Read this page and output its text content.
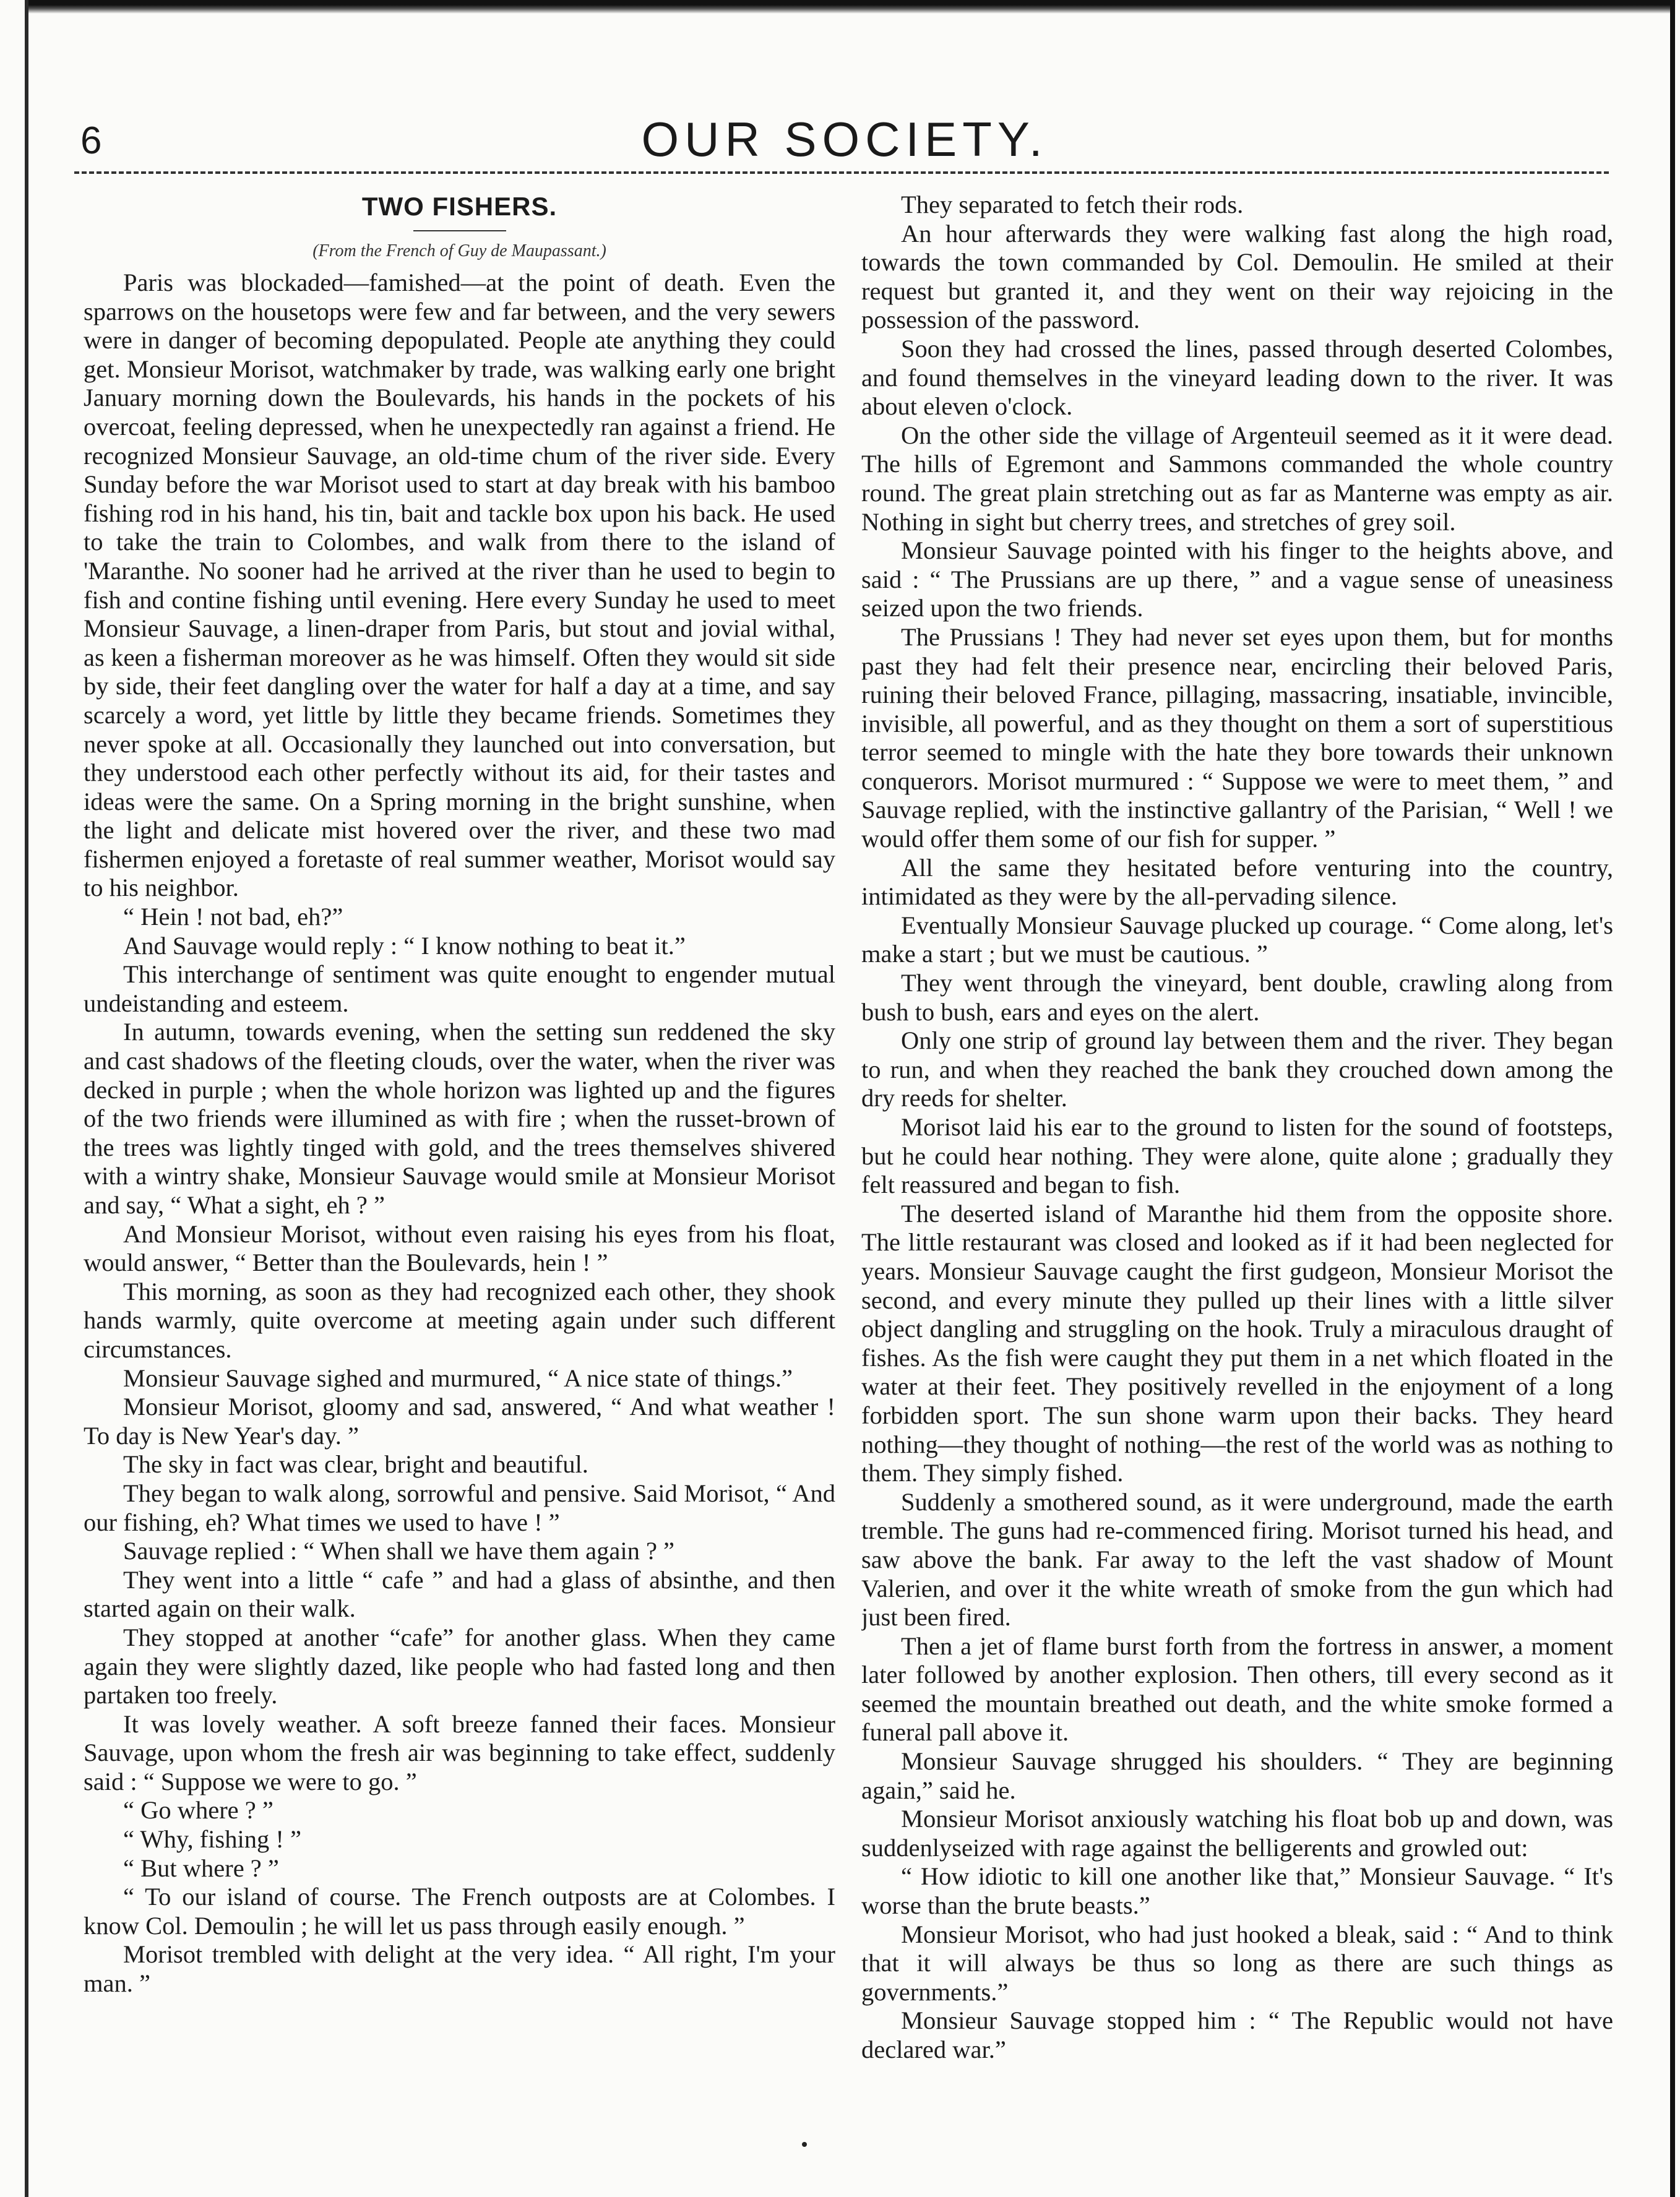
6	OUR SOCIETY.
TWO FISHERS.
(From the French of Guy de Maupassant.)

Paris was blockaded—famished—at the point of death. Even the sparrows on the housetops were few and far between, and the very sewers were in danger of becoming depopulated. People ate anything they could get. Monsieur Morisot, watchmaker by trade, was walking early one bright January morning down the Boulevards, his hands in the pockets of his overcoat, feeling depressed, when he unexpectedly ran against a friend. He recognized Monsieur Sauvage, an old-time chum of the river side. Every Sunday before the war Morisot used to start at day break with his bamboo fishing rod in his hand, his tin, bait and tackle box upon his back. He used to take the train to Colombes, and walk from there to the island of 'Maranthe. No sooner had he arrived at the river than he used to begin to fish and contine fishing until evening. Here every Sunday he used to meet Monsieur Sauvage, a linen-draper from Paris, but stout and jovial withal, as keen a fisherman moreover as he was himself. Often they would sit side by side, their feet dangling over the water for half a day at a time, and say scarcely a word, yet little by little they became friends. Sometimes they never spoke at all. Occasionally they launched out into conversation, but they understood each other perfectly without its aid, for their tastes and ideas were the same. On a Spring morning in the bright sunshine, when the light and delicate mist hovered over the river, and these two mad fishermen enjoyed a foretaste of real summer weather, Morisot would say to his neighbor.

“ Hein ! not bad, eh?”

And Sauvage would reply : “ I know nothing to beat it.”

This interchange of sentiment was quite enought to engender mutual undeistanding and esteem.

In autumn, towards evening, when the setting sun reddened the sky and cast shadows of the fleeting clouds, over the water, when the river was decked in purple ; when the whole horizon was lighted up and the figures of the two friends were illumined as with fire ; when the russet-brown of the trees was lightly tinged with gold, and the trees themselves shivered with a wintry shake, Monsieur Sauvage would smile at Monsieur Morisot and say, “ What a sight, eh ? ”

And Monsieur Morisot, without even raising his eyes from his float, would answer, “ Better than the Boulevards, hein ! ”

This morning, as soon as they had recognized each other, they shook hands warmly, quite overcome at meeting again under such different circumstances.

Monsieur Sauvage sighed and murmured, “ A nice state of things.”

Monsieur Morisot, gloomy and sad, answered, “ And what weather ! To day is New Year's day. ”

The sky in fact was clear, bright and beautiful.

They began to walk along, sorrowful and pensive. Said Morisot, “ And our fishing, eh? What times we used to have ! ”

Sauvage replied : “ When shall we have them again ? ”

They went into a little “ cafe ” and had a glass of absinthe, and then started again on their walk.

They stopped at another “cafe” for another glass. When they came again they were slightly dazed, like people who had fasted long and then partaken too freely.

It was lovely weather. A soft breeze fanned their faces. Monsieur Sauvage, upon whom the fresh air was beginning to take effect, suddenly said : “ Suppose we were to go. ”

“ Go where ? ”

“ Why, fishing ! ”

“ But where ? ”

“ To our island of course. The French outposts are at Colombes. I know Col. Demoulin ; he will let us pass through easily enough. ”

Morisot trembled with delight at the very idea. “ All right, I'm your man. ”

They separated to fetch their rods.

An hour afterwards they were walking fast along the high road, towards the town commanded by Col. Demoulin. He smiled at their request but granted it, and they went on their way rejoicing in the possession of the password.

Soon they had crossed the lines, passed through deserted Colombes, and found themselves in the vineyard leading down to the river. It was about eleven o'clock.

On the other side the village of Argenteuil seemed as it it were dead. The hills of Egremont and Sammons commanded the whole country round. The great plain stretching out as far as Manterne was empty as air. Nothing in sight but cherry trees, and stretches of grey soil.

Monsieur Sauvage pointed with his finger to the heights above, and said : “ The Prussians are up there, ” and a vague sense of uneasiness seized upon the two friends.

The Prussians ! They had never set eyes upon them, but for months past they had felt their presence near, encircling their beloved Paris, ruining their beloved France, pillaging, massacring, insatiable, invincible, invisible, all powerful, and as they thought on them a sort of superstitious terror seemed to mingle with the hate they bore towards their unknown conquerors. Morisot murmured : “ Suppose we were to meet them, ” and Sauvage replied, with the instinctive gallantry of the Parisian, “ Well ! we would offer them some of our fish for supper. ”

All the same they hesitated before venturing into the country, intimidated as they were by the all-pervading silence.

Eventually Monsieur Sauvage plucked up courage. “ Come along, let's make a start ; but we must be cautious. ”

They went through the vineyard, bent double, crawling along from bush to bush, ears and eyes on the alert.

Only one strip of ground lay between them and the river. They began to run, and when they reached the bank they crouched down among the dry reeds for shelter.

Morisot laid his ear to the ground to listen for the sound of footsteps, but he could hear nothing. They were alone, quite alone ; gradually they felt reassured and began to fish.

The deserted island of Maranthe hid them from the opposite shore. The little restaurant was closed and looked as if it had been neglected for years. Monsieur Sauvage caught the first gudgeon, Monsieur Morisot the second, and every minute they pulled up their lines with a little silver object dangling and struggling on the hook. Truly a miraculous draught of fishes. As the fish were caught they put them in a net which floated in the water at their feet. They positively revelled in the enjoyment of a long forbidden sport. The sun shone warm upon their backs. They heard nothing—they thought of nothing—the rest of the world was as nothing to them. They simply fished.

Suddenly a smothered sound, as it were underground, made the earth tremble. The guns had re-commenced firing. Morisot turned his head, and saw above the bank. Far away to the left the vast shadow of Mount Valerien, and over it the white wreath of smoke from the gun which had just been fired.

Then a jet of flame burst forth from the fortress in answer, a moment later followed by another explosion. Then others, till every second as it seemed the mountain breathed out death, and the white smoke formed a funeral pall above it.

Monsieur Sauvage shrugged his shoulders. “ They are beginning again,” said he.

Monsieur Morisot anxiously watching his float bob up and down, was suddenlyseized with rage against the belligerents and growled out:

“ How idiotic to kill one another like that,” Monsieur Sauvage. “ It's worse than the brute beasts.”

Monsieur Morisot, who had just hooked a bleak, said : “ And to think that it will always be thus so long as there are such things as governments.”

Monsieur Sauvage stopped him : “ The Republic would not have declared war.”
